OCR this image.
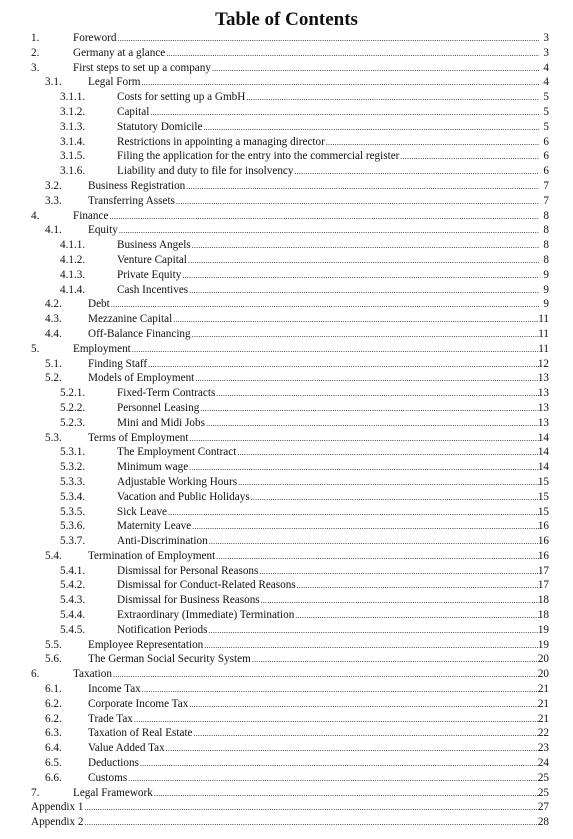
Table of Contents
1.	Foreword .....	3
2.	Germany at a glance .....	3
3.	First steps to set up a company .....	4
3.1. Legal Form .....	4
3.1.1.	Costs for setting up a GmbH .....	5
3.1.2.	Capital .....	5
3.1.3.	Statutory Domicile .....	5
3.1.4.	Restrictions in appointing a managing director .....	6
3.1.5.	Filing the application for the entry into the commercial register .....	6
3.1.6.	Liability and duty to file for insolvency .....	6
3.2. Business Registration .....	7
3.3. Transferring Assets .....	7
4.	Finance .....	8
4.1. Equity .....	8
4.1.1.	Business Angels .....	8
4.1.2.	Venture Capital .....	8
4.1.3.	Private Equity .....	9
4.1.4.	Cash Incentives .....	9
4.2. Debt .....	9
4.3. Mezzanine Capital .....	11
4.4. Off-Balance Financing .....	11
5.	Employment .....	11
5.1. Finding Staff .....	12
5.2. Models of Employment .....	13
5.2.1.	Fixed-Term Contracts .....	13
5.2.2.	Personnel Leasing .....	13
5.2.3.	Mini and Midi Jobs .....	13
5.3. Terms of Employment .....	14
5.3.1.	The Employment Contract .....	14
5.3.2.	Minimum wage .....	14
5.3.3.	Adjustable Working Hours .....	15
5.3.4.	Vacation and Public Holidays .....	15
5.3.5.	Sick Leave .....	15
5.3.6.	Maternity Leave .....	16
5.3.7.	Anti-Discrimination .....	16
5.4. Termination of Employment .....	16
5.4.1.	Dismissal for Personal Reasons .....	17
5.4.2.	Dismissal for Conduct-Related Reasons .....	17
5.4.3.	Dismissal for Business Reasons .....	18
5.4.4.	Extraordinary (Immediate) Termination .....	18
5.4.5.	Notification Periods .....	19
5.5. Employee Representation .....	19
5.6. The German Social Security System .....	20
6.	Taxation .....	20
6.1. Income Tax .....	21
6.2. Corporate Income Tax .....	21
6.2. Trade Tax .....	21
6.3. Taxation of Real Estate .....	22
6.4. Value Added Tax .....	23
6.5. Deductions .....	24
6.6. Customs .....	25
7.	Legal Framework .....	25
Appendix 1 .....	27
Appendix 2 .....	28
